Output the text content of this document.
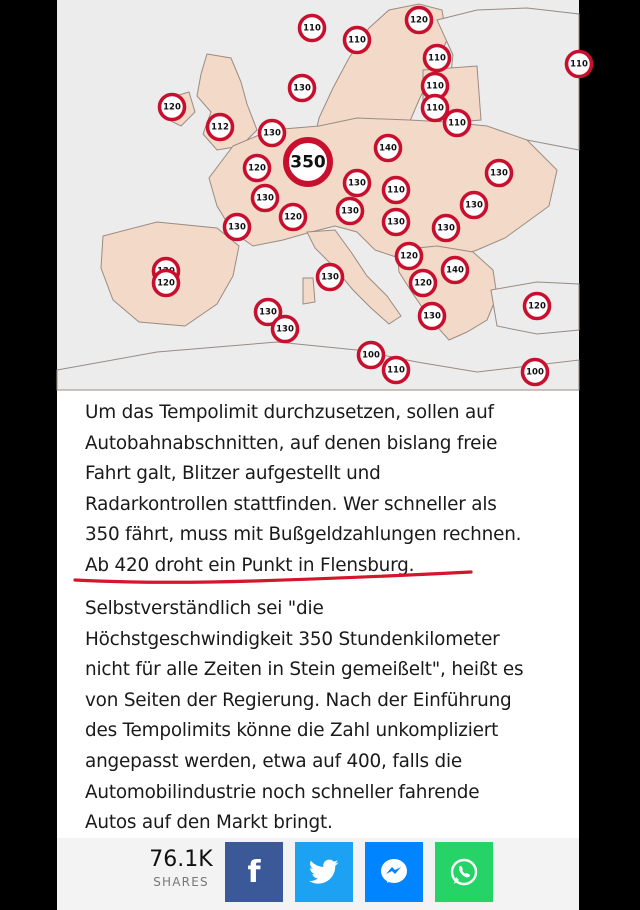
110
120
110
110
110
110
120
130
110
110
112
130
350
140
120	130
130
130
110
130
120
130
130
130	130
120
140
120
130
120
130
120
130
130
100
110	100

Um das Tempolimit durchzusetzen, sollen auf
Autobahnabschnitten, auf denen bislang freie
Fahrt galt, Blitzer aufgestellt und
Radarkontrollen stattfinden. Wer schneller als
350 fährt, muss mit Bußgeldzahlungen rechnen.
Ab 420 droht ein Punkt in Flensburg.

Selbstverständlich sei "die
Höchstgeschwindigkeit 350 Stundenkilometer
nicht für alle Zeiten in Stein gemeißelt", heißt es
von Seiten der Regierung. Nach der Einführung
des Tempolimits könne die Zahl unkompliziert
angepasst werden, etwa auf 400, falls die
Automobilindustrie noch schneller fahrende
Autos auf den Markt bringt.

76.1K
SHARES	f
